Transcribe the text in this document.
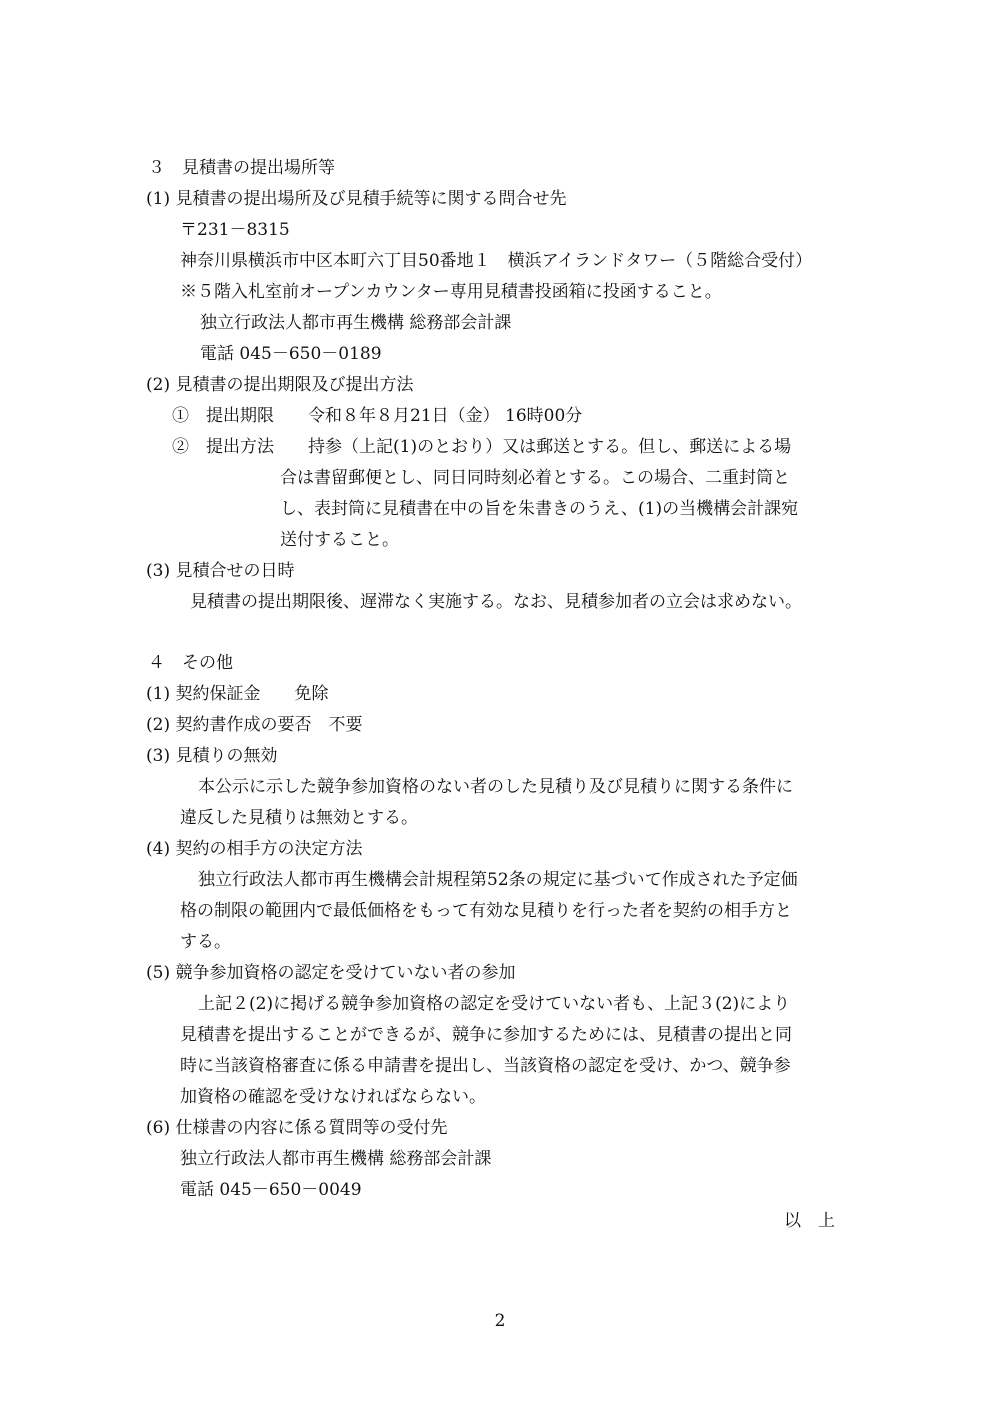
３　見積書の提出場所等
(1) 見積書の提出場所及び見積手続等に関する問合せ先
〒231－8315
神奈川県横浜市中区本町六丁目50番地１　横浜アイランドタワー（５階総合受付）
※５階入札室前オープンカウンター専用見積書投函箱に投函すること。
独立行政法人都市再生機構 総務部会計課
電話 045－650－0189
(2) 見積書の提出期限及び提出方法
①　提出期限　　令和８年８月21日（金） 16時00分
②　提出方法　　持参（上記(1)のとおり）又は郵送とする。但し、郵送による場
合は書留郵便とし、同日同時刻必着とする。この場合、二重封筒と
し、表封筒に見積書在中の旨を朱書きのうえ、(1)の当機構会計課宛
送付すること。
(3) 見積合せの日時
見積書の提出期限後、遅滞なく実施する。なお、見積参加者の立会は求めない。
４　その他
(1) 契約保証金　　免除
(2) 契約書作成の要否　不要
(3) 見積りの無効
本公示に示した競争参加資格のない者のした見積り及び見積りに関する条件に
違反した見積りは無効とする。
(4) 契約の相手方の決定方法
独立行政法人都市再生機構会計規程第52条の規定に基づいて作成された予定価
格の制限の範囲内で最低価格をもって有効な見積りを行った者を契約の相手方と
する。
(5) 競争参加資格の認定を受けていない者の参加
上記２(2)に掲げる競争参加資格の認定を受けていない者も、上記３(2)により
見積書を提出することができるが、競争に参加するためには、見積書の提出と同
時に当該資格審査に係る申請書を提出し、当該資格の認定を受け、かつ、競争参
加資格の確認を受けなければならない。
(6) 仕様書の内容に係る質問等の受付先
独立行政法人都市再生機構 総務部会計課
電話 045－650－0049
以　上
2
